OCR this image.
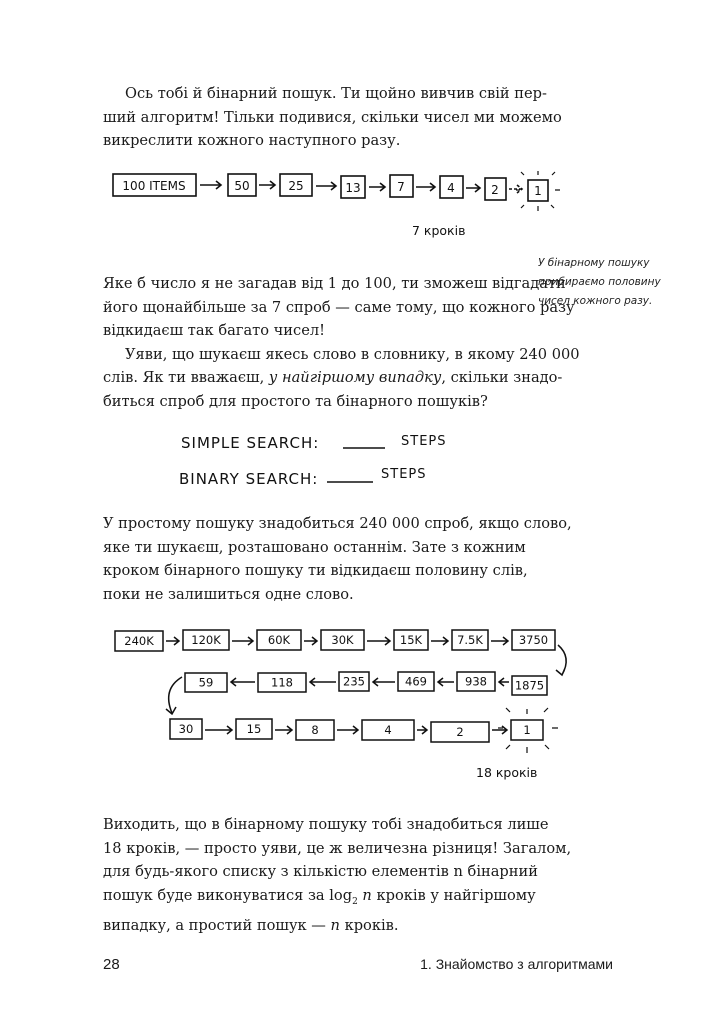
Ось тобі й бінарний пошук. Ти щойно вивчив свій пер-
ший алгоритм! Тільки подивися, скільки чисел ми можемо
викреслити кожного наступного разу.
100 ITEMS	50	25	13	7	4	2	1
7 кроків
У бінарному пошуку
прибираємо половину
чисел кожного разу.
Яке б число я не загадав від 1 до 100, ти зможеш відгадати
його щонайбільше за 7 спроб — саме тому, що кожного разу
відкидаєш так багато чисел!
Уяви, що шукаєш якесь слово в словнику, в якому 240 000
слів. Як ти вважаєш, у найгіршому випадку, скільки знадо-
биться спроб для простого та бінарного пошуків?
SIMPLE SEARCH:	STEPS
BINARY SEARCH:	STEPS
У простому пошуку знадобиться 240 000 спроб, якщо слово,
яке ти шукаєш, розташовано останнім. Зате з кожним
кроком бінарного пошуку ти відкидаєш половину слів,
поки не залишиться одне слово.
240K	120K	60K	30K	15K	7.5K	3750
1875
938
469
235
118
59
30	15	8	4	2	1
18 кроків
Виходить, що в бінарному пошуку тобі знадобиться лише
18 кроків, — просто уяви, це ж величезна різниця! Загалом,
для будь-якого списку з кількістю елементів n бінарний
пошук буде виконуватися за $\log_2 n$ кроків у найгіршому
випадку, а простий пошук — n кроків.
28	1. Знайомство з алгоритмами
